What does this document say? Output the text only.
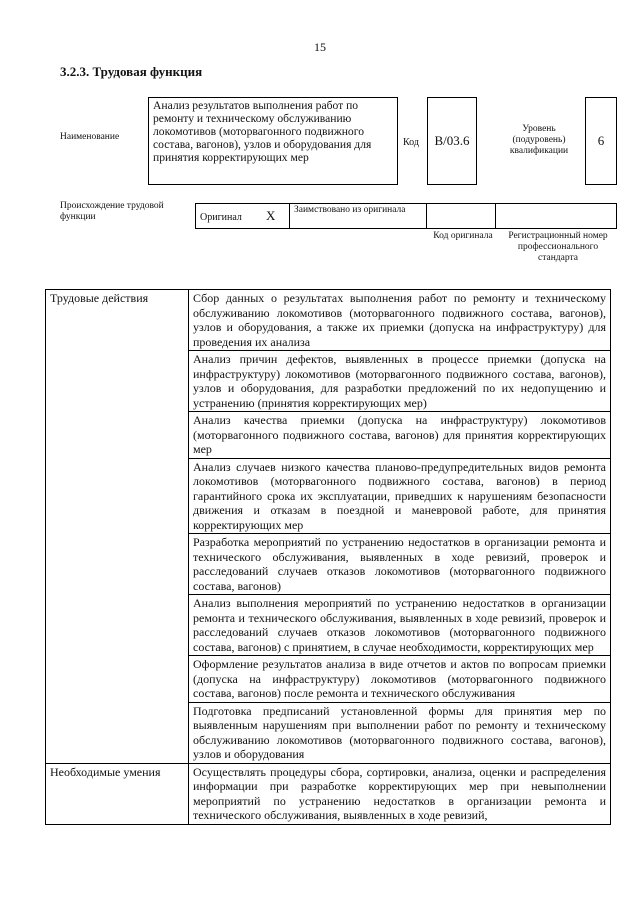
15
3.2.3. Трудовая функция
Наименование
Анализ результатов выполнения работ по ремонту и техническому обслуживанию локомотивов (моторвагонного подвижного состава, вагонов), узлов и оборудования для принятия корректирующих мер
Код	B/03.6
Уровень (подуровень) квалификации
6
Происхождение трудовой функции	Оригинал X	Заимствовано из оригинала
Код оригинала	Регистрационный номер профессионального стандарта
Трудовые действия	Сбор данных о результатах выполнения работ по ремонту и техническому обслуживанию локомотивов (моторвагонного подвижного состава, вагонов), узлов и оборудования, а также их приемки (допуска на инфраструктуру) для проведения их анализа
	Анализ причин дефектов, выявленных в процессе приемки (допуска на инфраструктуру) локомотивов (моторвагонного подвижного состава, вагонов), узлов и оборудования, для разработки предложений по их недопущению и устранению (принятия корректирующих мер)
	Анализ качества приемки (допуска на инфраструктуру) локомотивов (моторвагонного подвижного состава, вагонов) для принятия корректирующих мер
	Анализ случаев низкого качества планово-предупредительных видов ремонта локомотивов (моторвагонного подвижного состава, вагонов) в период гарантийного срока их эксплуатации, приведших к нарушениям безопасности движения и отказам в поездной и маневровой работе, для принятия корректирующих мер
	Разработка мероприятий по устранению недостатков в организации ремонта и технического обслуживания, выявленных в ходе ревизий, проверок и расследований случаев отказов локомотивов (моторвагонного подвижного состава, вагонов)
	Анализ выполнения мероприятий по устранению недостатков в организации ремонта и технического обслуживания, выявленных в ходе ревизий, проверок и расследований случаев отказов локомотивов (моторвагонного подвижного состава, вагонов) с принятием, в случае необходимости, корректирующих мер
	Оформление результатов анализа в виде отчетов и актов по вопросам приемки (допуска на инфраструктуру) локомотивов (моторвагонного подвижного состава, вагонов) после ремонта и технического обслуживания
	Подготовка предписаний установленной формы для принятия мер по выявленным нарушениям при выполнении работ по ремонту и техническому обслуживанию локомотивов (моторвагонного подвижного состава, вагонов), узлов и оборудования
Необходимые умения	Осуществлять процедуры сбора, сортировки, анализа, оценки и распределения информации при разработке корректирующих мер при невыполнении мероприятий по устранению недостатков в организации ремонта и технического обслуживания, выявленных в ходе ревизий,
